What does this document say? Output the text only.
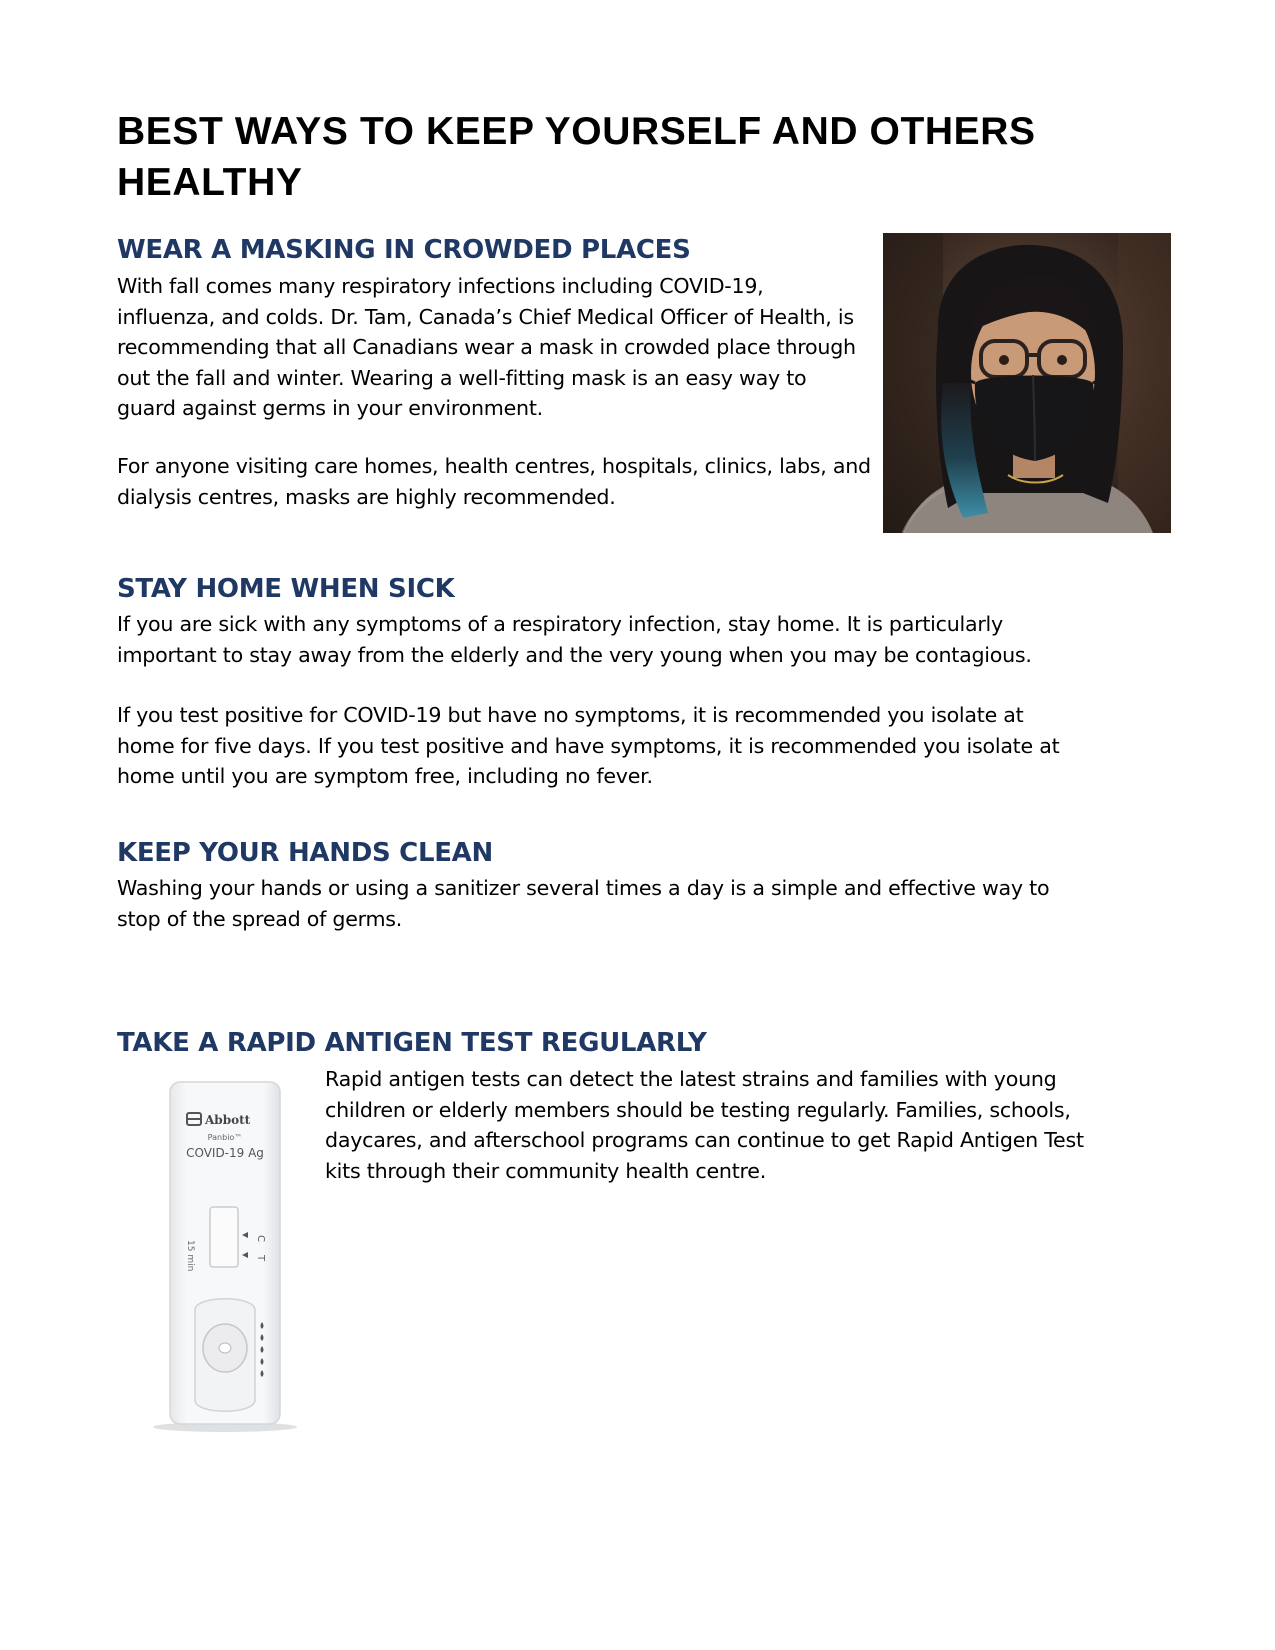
BEST WAYS TO KEEP YOURSELF AND OTHERS HEALTHY
WEAR A MASKING IN CROWDED PLACES

With fall comes many respiratory infections including COVID-19, influenza, and colds. Dr. Tam, Canada’s Chief Medical Officer of Health, is recommending that all Canadians wear a mask in crowded place through out the fall and winter. Wearing a well-fitting mask is an easy way to guard against germs in your environment.

For anyone visiting care homes, health centres, hospitals, clinics, labs, and dialysis centres, masks are highly recommended.

STAY HOME WHEN SICK

If you are sick with any symptoms of a respiratory infection, stay home. It is particularly important to stay away from the elderly and the very young when you may be contagious.

If you test positive for COVID-19 but have no symptoms, it is recommended you isolate at home for five days. If you test positive and have symptoms, it is recommended you isolate at home until you are symptom free, including no fever.

KEEP YOUR HANDS CLEAN

Washing your hands or using a sanitizer several times a day is a simple and effective way to stop of the spread of germs.

TAKE A RAPID ANTIGEN TEST REGULARLY

Rapid antigen tests can detect the latest strains and families with young children or elderly members should be testing regularly. Families, schools, daycares, and afterschool programs can continue to get Rapid Antigen Test kits through their community health centre.

Abbott
Panbio™
COVID-19 Ag
C
T
15 min
